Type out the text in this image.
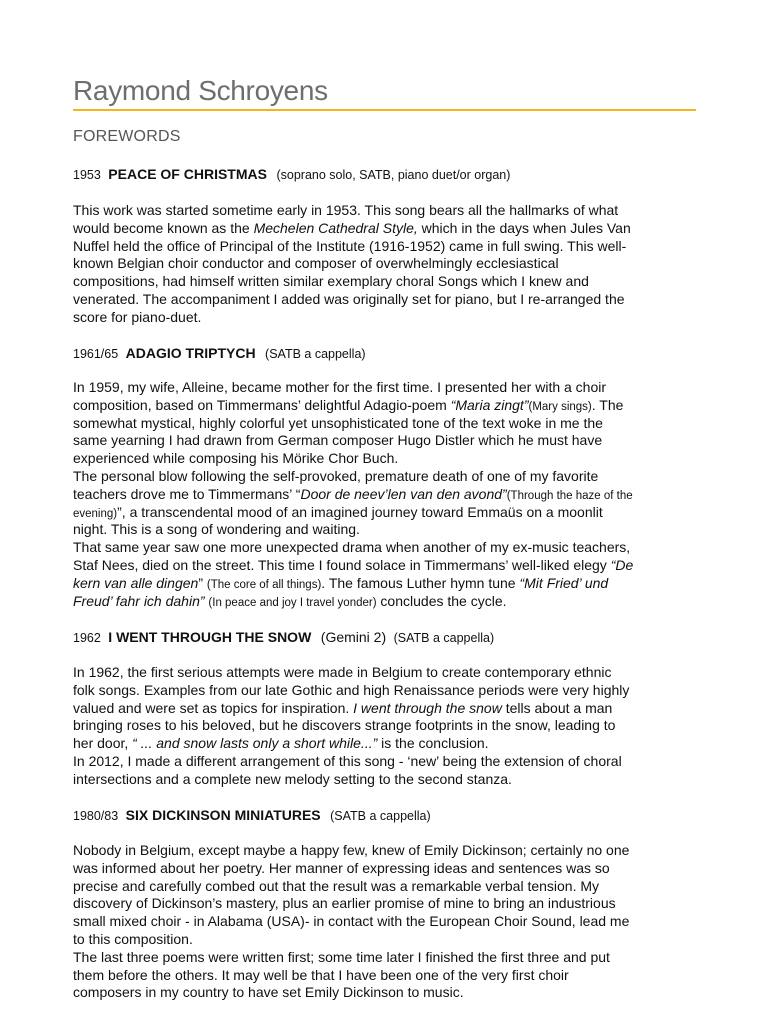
Raymond Schroyens
FOREWORDS
1953 PEACE OF CHRISTMAS (soprano solo, SATB, piano duet/or organ)
This work was started sometime early in 1953. This song bears all the hallmarks of what
would become known as the Mechelen Cathedral Style, which in the days when Jules Van
Nuffel held the office of Principal of the Institute (1916-1952) came in full swing. This well-
known Belgian choir conductor and composer of overwhelmingly ecclesiastical
compositions, had himself written similar exemplary choral Songs which I knew and
venerated. The accompaniment I added was originally set for piano, but I re-arranged the
score for piano-duet.
1961/65 ADAGIO TRIPTYCH (SATB a cappella)
In 1959, my wife, Alleine, became mother for the first time. I presented her with a choir
composition, based on Timmermans’ delightful Adagio-poem “Maria zingt”(Mary sings). The
somewhat mystical, highly colorful yet unsophisticated tone of the text woke in me the
same yearning I had drawn from German composer Hugo Distler which he must have
experienced while composing his Mörike Chor Buch.
The personal blow following the self-provoked, premature death of one of my favorite
teachers drove me to Timmermans’ “Door de neev’len van den avond”(Through the haze of the
evening)”, a transcendental mood of an imagined journey toward Emmaüs on a moonlit
night. This is a song of wondering and waiting.
That same year saw one more unexpected drama when another of my ex-music teachers,
Staf Nees, died on the street. This time I found solace in Timmermans’ well-liked elegy “De
kern van alle dingen” (The core of all things). The famous Luther hymn tune “Mit Fried’ und
Freud’ fahr ich dahin” (In peace and joy I travel yonder) concludes the cycle.
1962 I WENT THROUGH THE SNOW (Gemini 2) (SATB a cappella)
In 1962, the first serious attempts were made in Belgium to create contemporary ethnic
folk songs. Examples from our late Gothic and high Renaissance periods were very highly
valued and were set as topics for inspiration. I went through the snow tells about a man
bringing roses to his beloved, but he discovers strange footprints in the snow, leading to
her door, “ ... and snow lasts only a short while...” is the conclusion.
In 2012, I made a different arrangement of this song - ‘new’ being the extension of choral
intersections and a complete new melody setting to the second stanza.
1980/83 SIX DICKINSON MINIATURES (SATB a cappella)
Nobody in Belgium, except maybe a happy few, knew of Emily Dickinson; certainly no one
was informed about her poetry. Her manner of expressing ideas and sentences was so
precise and carefully combed out that the result was a remarkable verbal tension. My
discovery of Dickinson’s mastery, plus an earlier promise of mine to bring an industrious
small mixed choir - in Alabama (USA)- in contact with the European Choir Sound, lead me
to this composition.
The last three poems were written first; some time later I finished the first three and put
them before the others. It may well be that I have been one of the very first choir
composers in my country to have set Emily Dickinson to music.
